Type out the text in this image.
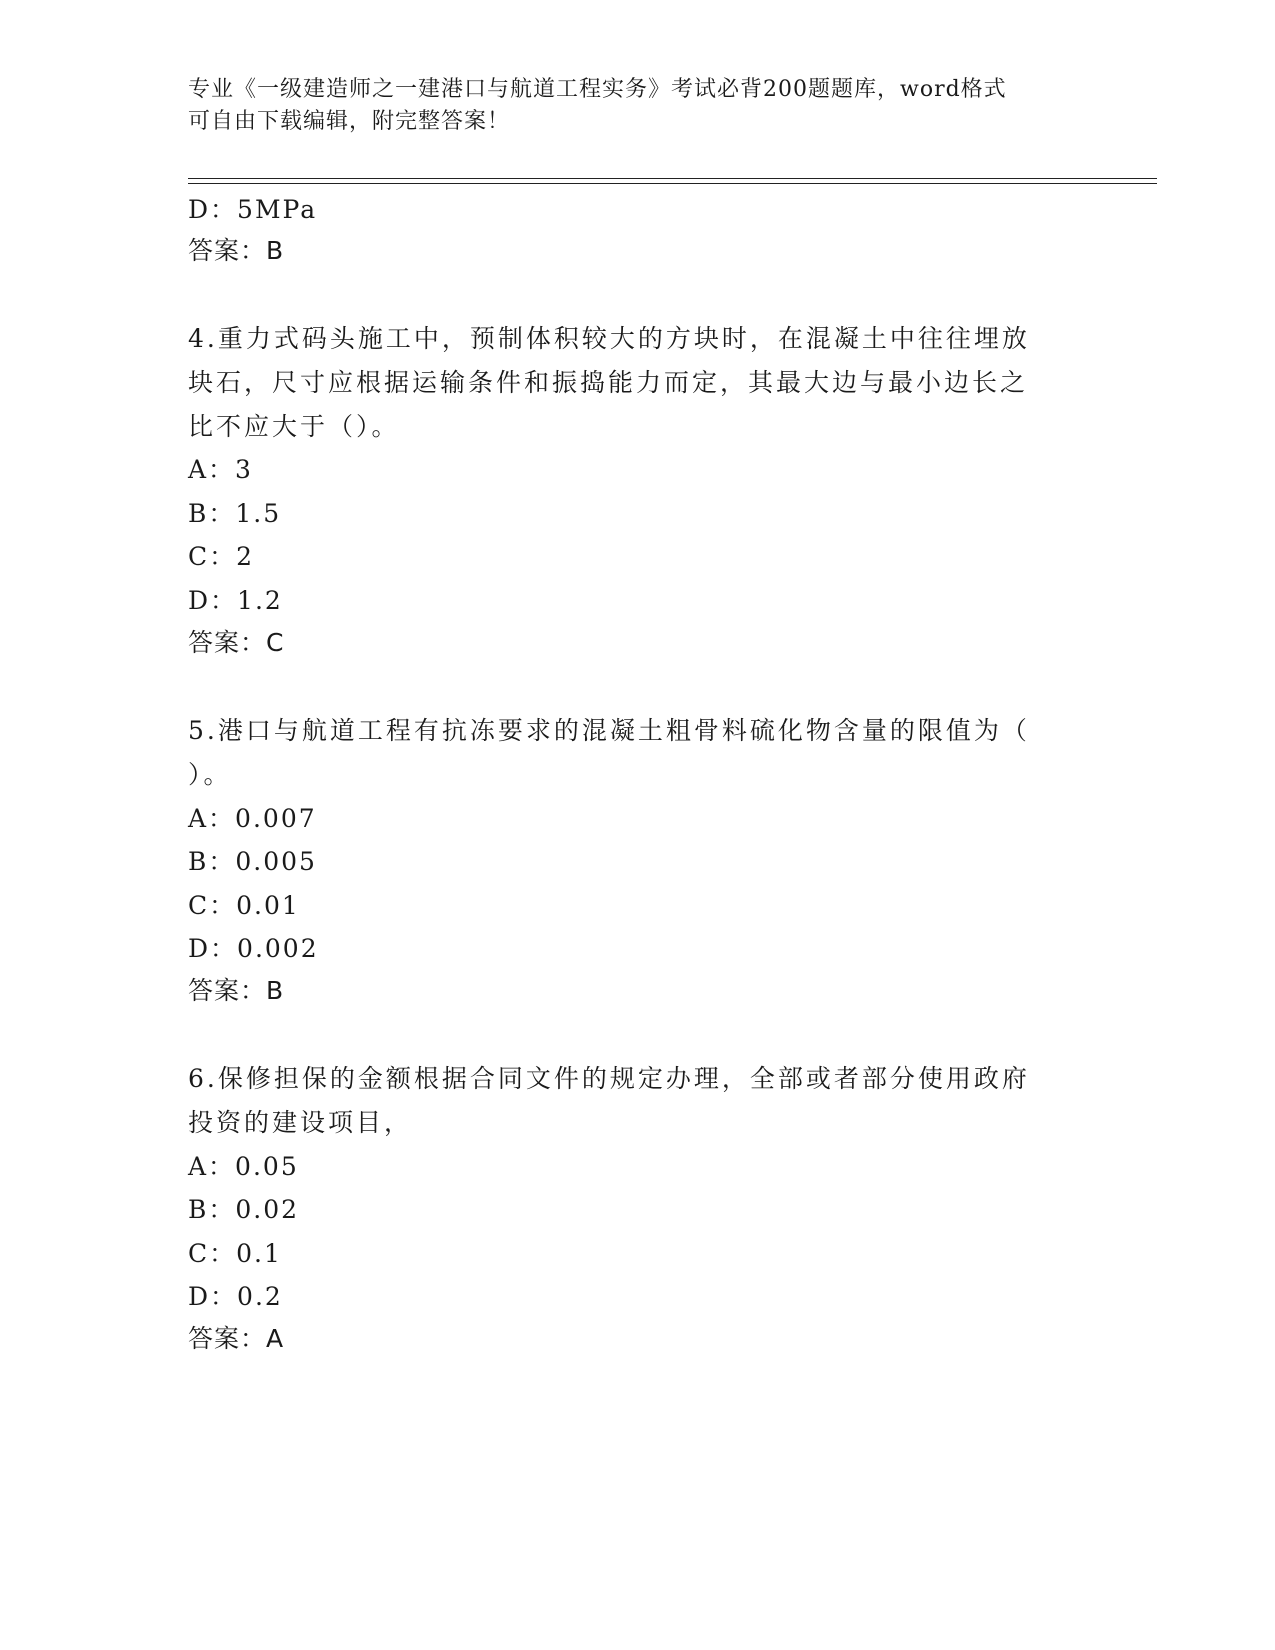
专业《一级建造师之一建港口与航道工程实务》考试必背200题题库，word格式
可自由下载编辑，附完整答案！
D：5MPa
答案：B
4.重力式码头施工中，预制体积较大的方块时，在混凝土中往往埋放
块石，尺寸应根据运输条件和振捣能力而定，其最大边与最小边长之
比不应大于（）。
A：3
B：1.5
C：2
D：1.2
答案：C
5.港口与航道工程有抗冻要求的混凝土粗骨料硫化物含量的限值为（
）。
A：0.007
B：0.005
C：0.01
D：0.002
答案：B
6.保修担保的金额根据合同文件的规定办理，全部或者部分使用政府
投资的建设项目，
A：0.05
B：0.02
C：0.1
D：0.2
答案：A
